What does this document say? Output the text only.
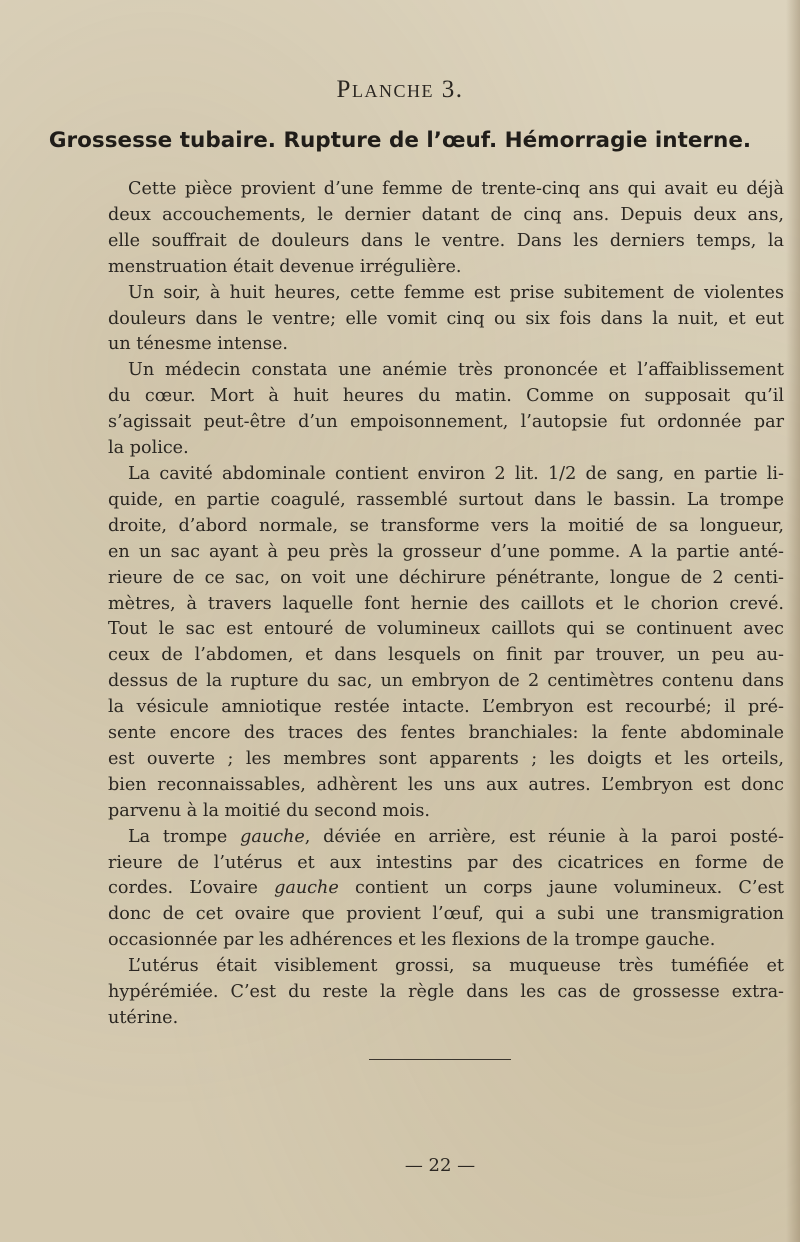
Planche 3.
Grossesse tubaire. Rupture de l’œuf. Hémorragie interne.
Cette pièce provient d’une femme de trente-cinq ans qui avait eu déjà
deux accouchements, le dernier datant de cinq ans. Depuis deux ans,
elle souffrait de douleurs dans le ventre. Dans les derniers temps, la
menstruation était devenue irrégulière.
Un soir, à huit heures, cette femme est prise subitement de violentes
douleurs dans le ventre; elle vomit cinq ou six fois dans la nuit, et eut
un ténesme intense.
Un médecin constata une anémie très prononcée et l’affaiblissement
du cœur. Mort à huit heures du matin. Comme on supposait qu’il
s’agissait peut-être d’un empoisonnement, l’autopsie fut ordonnée par
la police.
La cavité abdominale contient environ 2 lit. 1/2 de sang, en partie li-
quide, en partie coagulé, rassemblé surtout dans le bassin. La trompe
droite, d’abord normale, se transforme vers la moitié de sa longueur,
en un sac ayant à peu près la grosseur d’une pomme. A la partie anté-
rieure de ce sac, on voit une déchirure pénétrante, longue de 2 centi-
mètres, à travers laquelle font hernie des caillots et le chorion crevé.
Tout le sac est entouré de volumineux caillots qui se continuent avec
ceux de l’abdomen, et dans lesquels on finit par trouver, un peu au-
dessus de la rupture du sac, un embryon de 2 centimètres contenu dans
la vésicule amniotique restée intacte. L’embryon est recourbé; il pré-
sente encore des traces des fentes branchiales: la fente abdominale
est ouverte ; les membres sont apparents ; les doigts et les orteils,
bien reconnaissables, adhèrent les uns aux autres. L’embryon est donc
parvenu à la moitié du second mois.
La trompe gauche, déviée en arrière, est réunie à la paroi posté-
rieure de l’utérus et aux intestins par des cicatrices en forme de
cordes. L’ovaire gauche contient un corps jaune volumineux. C’est
donc de cet ovaire que provient l’œuf, qui a subi une transmigration
occasionnée par les adhérences et les flexions de la trompe gauche.
L’utérus était visiblement grossi, sa muqueuse très tuméfiée et
hypérémiée. C’est du reste la règle dans les cas de grossesse extra-
utérine.
— 22 —
